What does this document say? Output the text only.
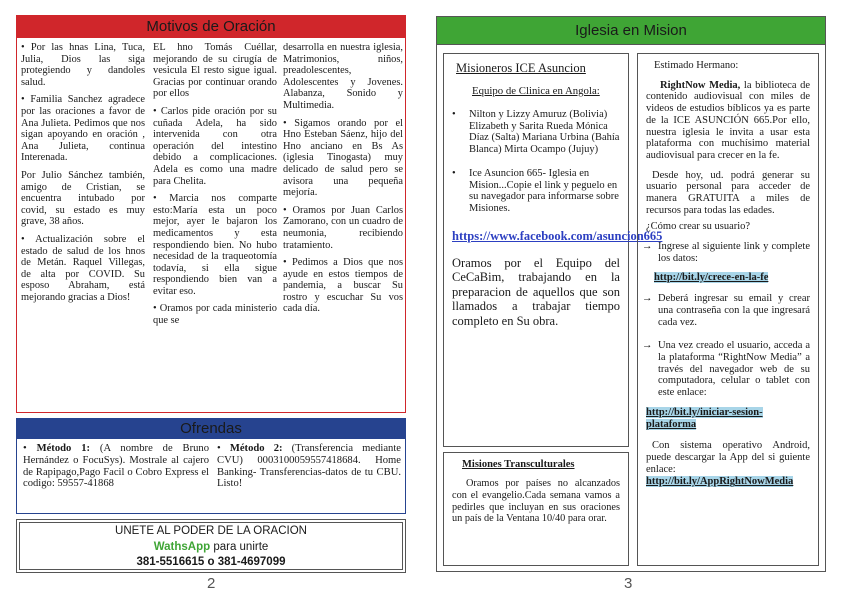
Motivos de Oración

• Por las hnas Lina, Tuca, Julia, Dios las siga protegiendo y dandoles salud.

• Familia Sanchez agradece por las oraciones a favor de Ana Julieta. Pedimos que nos sigan apoyando en oración , Ana Julieta, continua Interenada.

Por Julio Sánchez también, amigo de Cristian, se encuentra intubado por covid, su estado es muy grave, 38 años.

• Actualización sobre el estado de salud de los hnos de Metán. Raquel Villegas, de alta por COVID. Su esposo Abraham, está mejorando gracias a Dios!

EL hno Tomás Cuéllar, mejorando de su cirugía de vesicula El resto sigue igual. Gracias por continuar orando por ellos

• Carlos pide oración por su cuñada Adela, ha sido intervenida con otra operación del intestino debido a complicaciones. Adela es como una madre para Chelita.

• Marcia nos comparte esto:María esta un poco mejor, ayer le bajaron los medicamentos y esta respondiendo bien. No hubo necesidad de la traqueotomía todavía, si ella sigue respondiendo bien van a evitar eso.

• Oramos por cada ministerio que se

desarrolla en nuestra iglesia, Matrimonios, niños, preadolescentes, Adolescentes y Jovenes. Alabanza, Sonido y Multimedia.

• Sigamos orando por el Hno Esteban Sáenz, hijo del Hno anciano en Bs As (iglesia Tinogasta) muy delicado de salud pero se avisora una pequeña mejoría.

• Oramos por Juan Carlos Zamorano, con un cuadro de neumonia, recibiendo tratamiento.

• Pedimos a Dios que nos ayude en estos tiempos de pandemia, a buscar Su rostro y escuchar Su vos cada día.

Ofrendas
• Método 1: (A nombre de Bruno Hernández o FocuSys). Mostrale al cajero de Rapipago,Pago Facil o Cobro Express el codigo: 59557-41868
• Método 2: (Transferencia mediante CVU) 0003100059557418684. Home Banking- Transferencias-datos de tu CBU. Listo!
UNETE AL PODER DE LA ORACION
WathsApp para unirte
381-5516615 o 381-4697099
2
Iglesia en Mision
Misioneros ICE Asuncion
Equipo de Clinica en Angola:
• Nilton y Lizzy Amuruz (Bolivia) Elizabeth y Sarita Rueda Mónica Díaz (Salta) Mariana Urbina (Bahía Blanca) Mirta Ocampo (Jujuy)
• Ice Asuncion 665- Iglesia en Mision...Copie el link y peguelo en su navegador para informarse sobre Misiones.
https://www.facebook.com/asuncion665
Oramos por el Equipo del CeCaBim, trabajando en la preparacion de aquellos que son llamados a trabajar tiempo completo en Su obra.
Misiones Transculturales
Oramos por países no alcanzados con el evangelio.Cada semana vamos a pedirles que incluyan en sus oraciones un país de la Ventana 10/40 para orar.

Estimado Hermano:

RightNow Media, la biblioteca de contenido audiovisual con miles de videos de estudios bíblicos ya es parte de la ICE ASUNCIÓN 665.Por ello, nuestra iglesia le invita a usar esta plataforma con muchísimo material audiovisual para crecer en la fe.

Desde hoy, ud. podrá generar su usuario personal para acceder de manera GRATUITA a miles de recursos para todas las edades.

¿Cómo crear su usuario?

→ Ingrese al siguiente link y complete los datos:

http://bit.ly/crece-en-la-fe

→ Deberá ingresar su email y crear una contraseña con la que ingresará cada vez.

→ Una vez creado el usuario, acceda a la plataforma “RightNow Media” a través del navegador web de su computadora, celular o tablet con este enlace:

http://bit.ly/iniciar-sesion-plataforma

Con sistema operativo Android, puede descargar la App del si guiente enlace:

http://bit.ly/AppRightNowMedia

3
